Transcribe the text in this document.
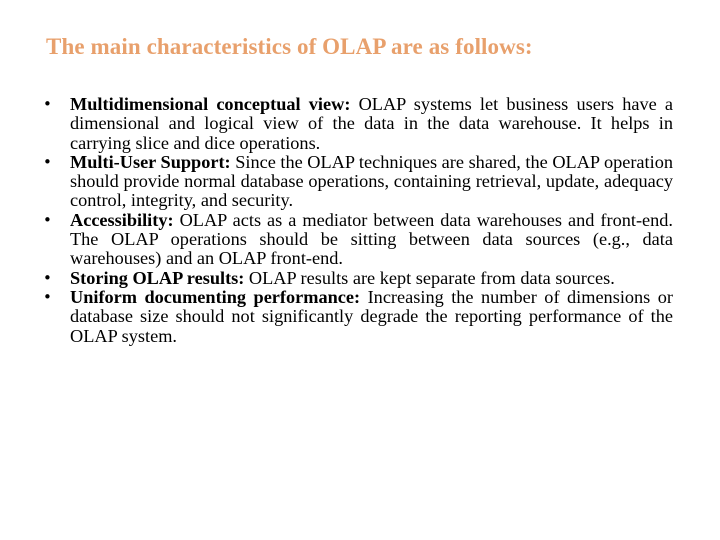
The main characteristics of OLAP are as follows:
• Multidimensional conceptual view: OLAP systems let business users have a dimensional and logical view of the data in the data warehouse. It helps in carrying slice and dice operations.
• Multi-User Support: Since the OLAP techniques are shared, the OLAP operation should provide normal database operations, containing retrieval, update, adequacy control, integrity, and security.
• Accessibility: OLAP acts as a mediator between data warehouses and front-end. The OLAP operations should be sitting between data sources (e.g., data warehouses) and an OLAP front-end.
• Storing OLAP results: OLAP results are kept separate from data sources.
• Uniform documenting performance: Increasing the number of dimensions or database size should not significantly degrade the reporting performance of the OLAP system.
